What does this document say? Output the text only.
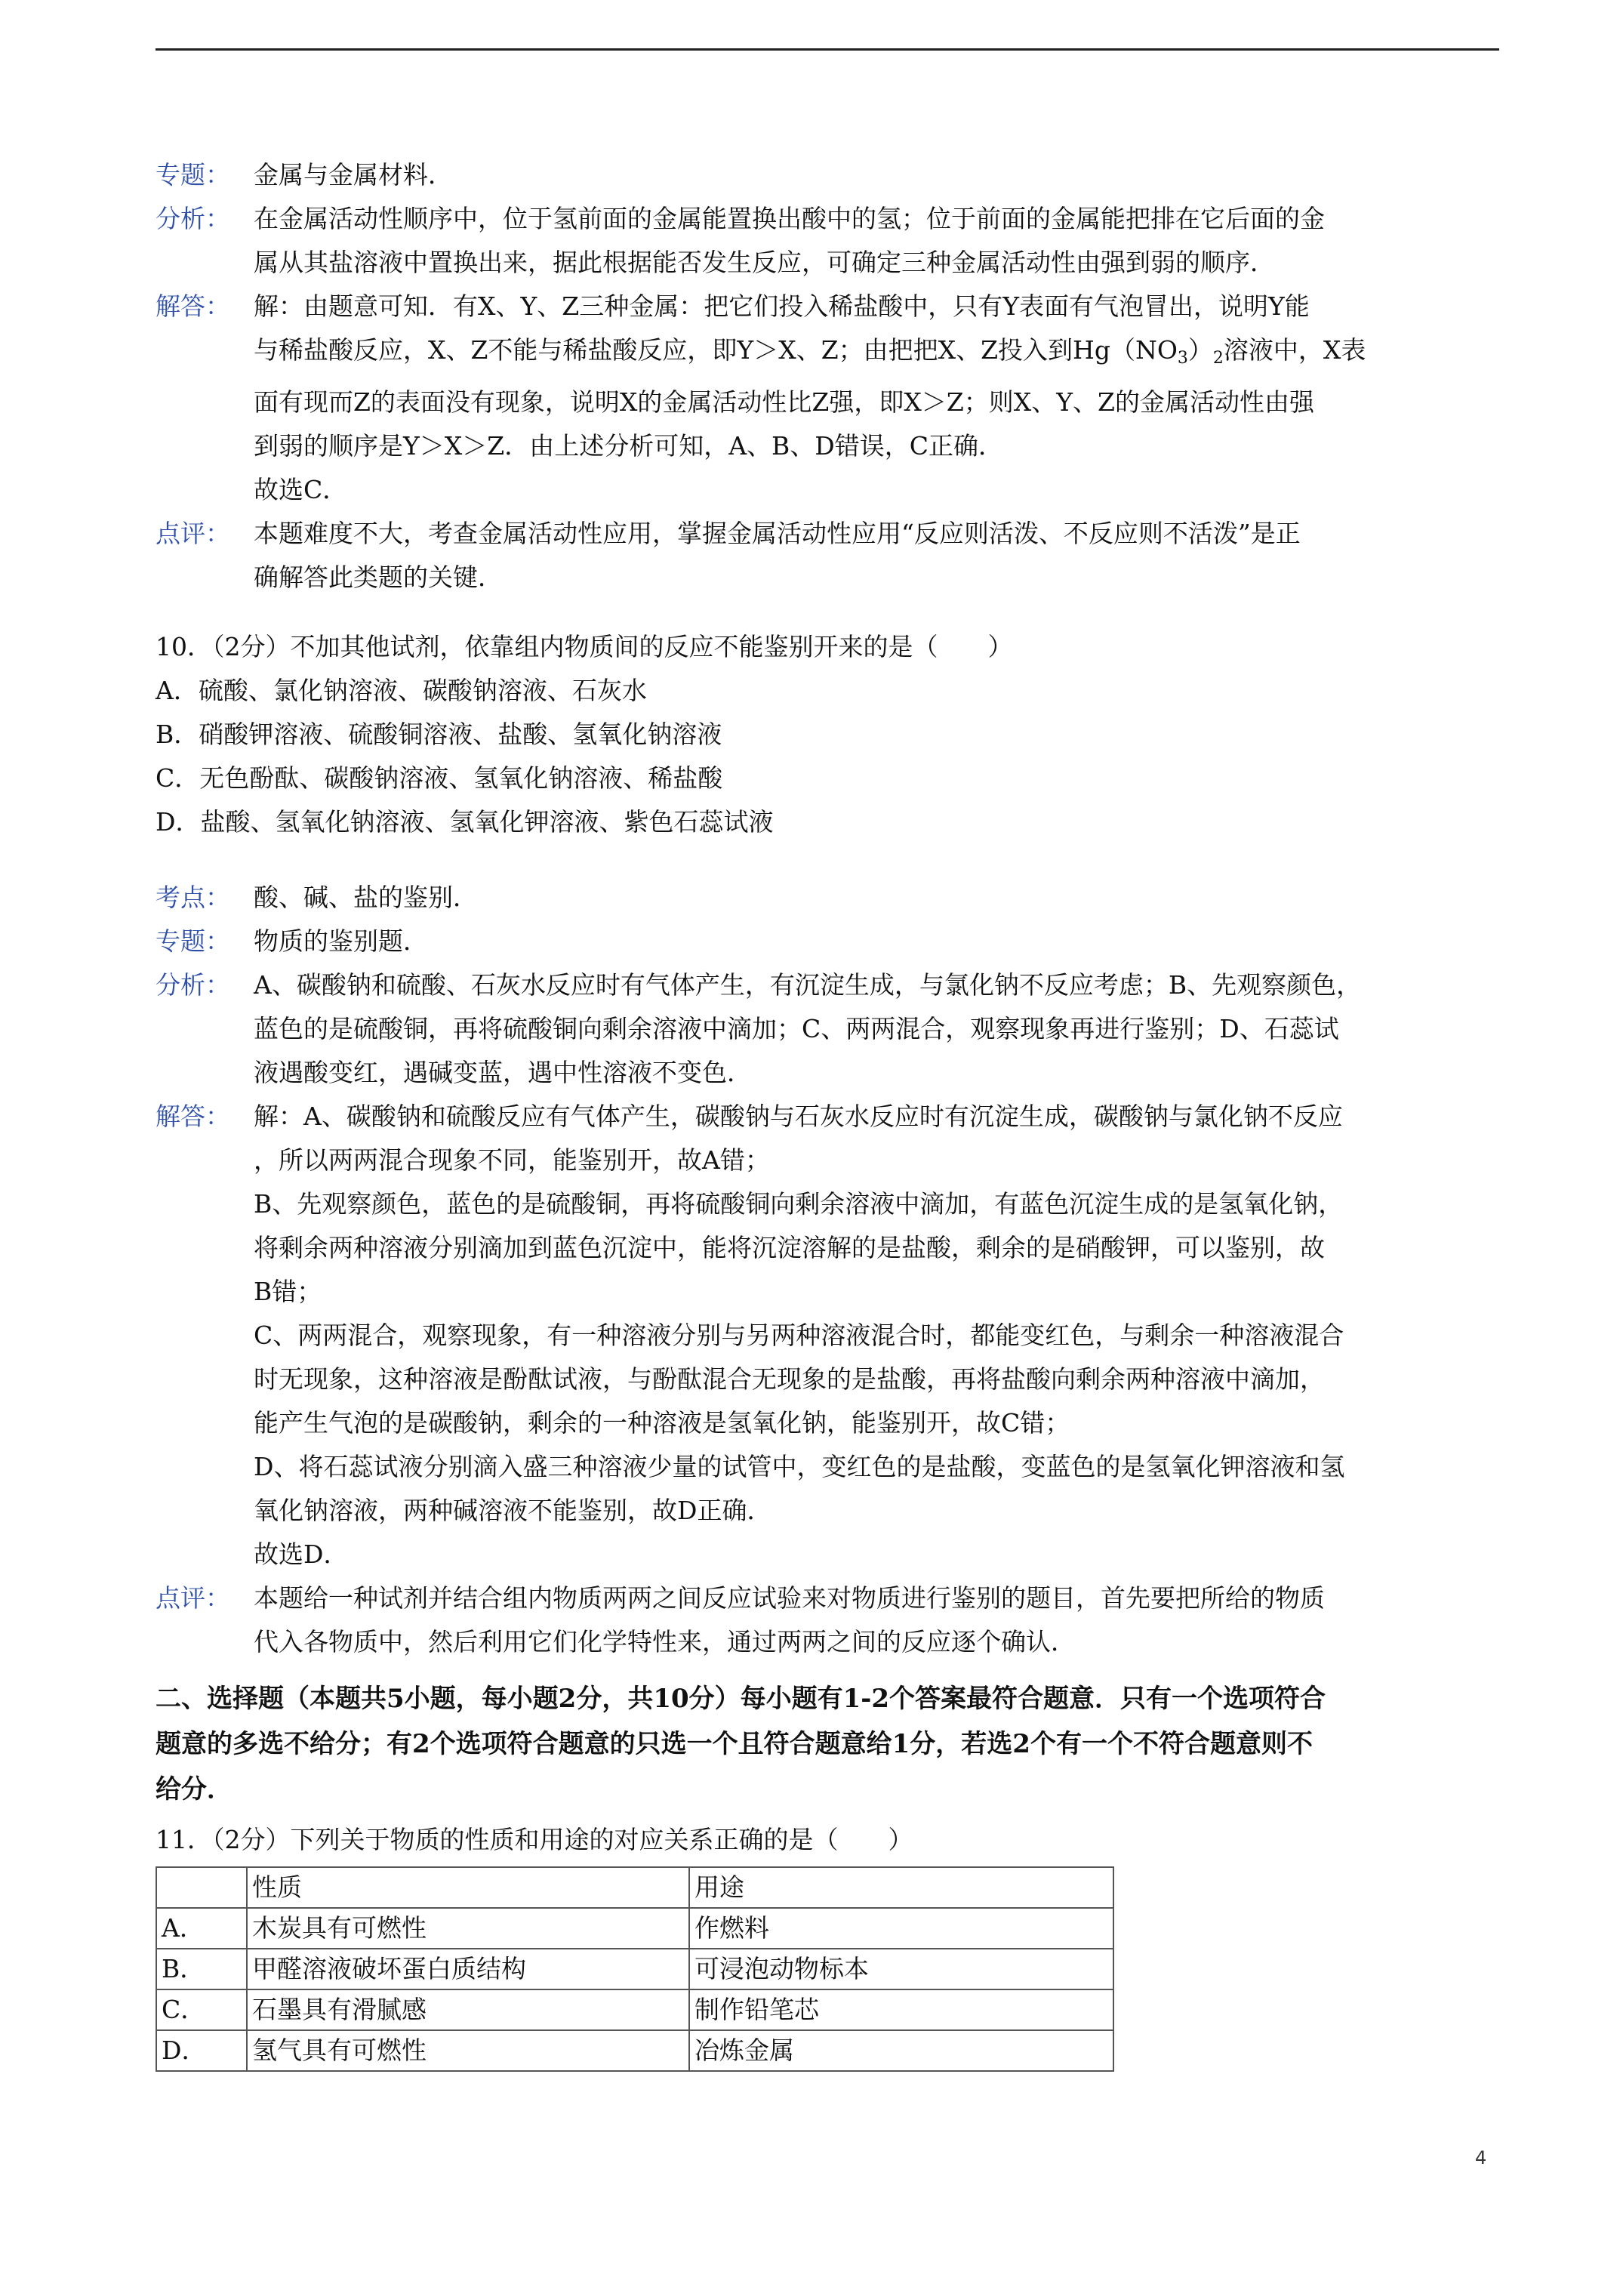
专题： 金属与金属材料．

分析： 在金属活动性顺序中，位于氢前面的金属能置换出酸中的氢；位于前面的金属能把排在它后面的金

属从其盐溶液中置换出来，据此根据能否发生反应，可确定三种金属活动性由强到弱的顺序．

解答： 解：由题意可知．有X、Y、Z三种金属：把它们投入稀盐酸中，只有Y表面有气泡冒出，说明Y能

与稀盐酸反应，X、Z不能与稀盐酸反应，即Y＞X、Z；由把把X、Z投入到$Hg(NO_3)_2$溶液中，X表

面有现而Z的表面没有现象，说明X的金属活动性比Z强，即X＞Z；则X、Y、Z的金属活动性由强

到弱的顺序是Y＞X＞Z．由上述分析可知，A、B、D错误，C正确．

故选C．

点评： 本题难度不大，考查金属活动性应用，掌握金属活动性应用“反应则活泼、不反应则不活泼”是正

确解答此类题的关键．

10．（2分）不加其他试剂，依靠组内物质间的反应不能鉴别开来的是（　　）

A．硫酸、氯化钠溶液、碳酸钠溶液、石灰水

B．硝酸钾溶液、硫酸铜溶液、盐酸、氢氧化钠溶液

C．无色酚酞、碳酸钠溶液、氢氧化钠溶液、稀盐酸

D．盐酸、氢氧化钠溶液、氢氧化钾溶液、紫色石蕊试液

考点： 酸、碱、盐的鉴别．

专题： 物质的鉴别题．

分析： A、碳酸钠和硫酸、石灰水反应时有气体产生，有沉淀生成，与氯化钠不反应考虑；B、先观察颜色，

蓝色的是硫酸铜，再将硫酸铜向剩余溶液中滴加；C、两两混合，观察现象再进行鉴别；D、石蕊试

液遇酸变红，遇碱变蓝，遇中性溶液不变色．

解答： 解：A、碳酸钠和硫酸反应有气体产生，碳酸钠与石灰水反应时有沉淀生成，碳酸钠与氯化钠不反应

，所以两两混合现象不同，能鉴别开，故A错；

B、先观察颜色，蓝色的是硫酸铜，再将硫酸铜向剩余溶液中滴加，有蓝色沉淀生成的是氢氧化钠，

将剩余两种溶液分别滴加到蓝色沉淀中，能将沉淀溶解的是盐酸，剩余的是硝酸钾，可以鉴别，故

B错；

C、两两混合，观察现象，有一种溶液分别与另两种溶液混合时，都能变红色，与剩余一种溶液混合

时无现象，这种溶液是酚酞试液，与酚酞混合无现象的是盐酸，再将盐酸向剩余两种溶液中滴加，

能产生气泡的是碳酸钠，剩余的一种溶液是氢氧化钠，能鉴别开，故C错；

D、将石蕊试液分别滴入盛三种溶液少量的试管中，变红色的是盐酸，变蓝色的是氢氧化钾溶液和氢

氧化钠溶液，两种碱溶液不能鉴别，故D正确．

故选D．

点评： 本题给一种试剂并结合组内物质两两之间反应试验来对物质进行鉴别的题目，首先要把所给的物质

代入各物质中，然后利用它们化学特性来，通过两两之间的反应逐个确认．

二、选择题（本题共5小题，每小题2分，共10分）每小题有1-2个答案最符合题意．只有一个选项符合

题意的多选不给分；有2个选项符合题意的只选一个且符合题意给1分，若选2个有一个不符合题意则不

给分．

11．（2分）下列关于物质的性质和用途的对应关系正确的是（　　）

	性质	用途
A．	木炭具有可燃性	作燃料
B．	甲醛溶液破坏蛋白质结构	可浸泡动物标本
C．	石墨具有滑腻感	制作铅笔芯
D．	氢气具有可燃性	冶炼金属
4
